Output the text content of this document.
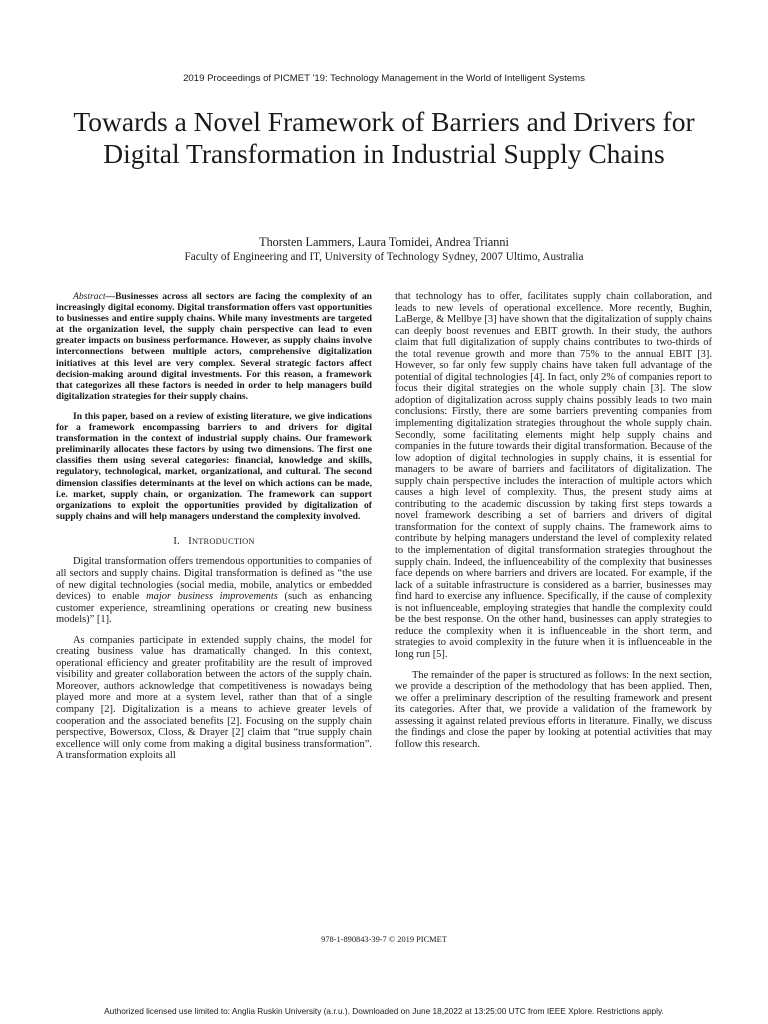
2019 Proceedings of PICMET '19: Technology Management in the World of Intelligent Systems
Towards a Novel Framework of Barriers and Drivers for Digital Transformation in Industrial Supply Chains
Thorsten Lammers, Laura Tomidei, Andrea Trianni
Faculty of Engineering and IT, University of Technology Sydney, 2007 Ultimo, Australia

Abstract—Businesses across all sectors are facing the complexity of an increasingly digital economy. Digital transformation offers vast opportunities to businesses and entire supply chains. While many investments are targeted at the organization level, the supply chain perspective can lead to even greater impacts on business performance. However, as supply chains involve interconnections between multiple actors, comprehensive digitalization initiatives at this level are very complex. Several strategic factors affect decision-making around digital investments. For this reason, a framework that categorizes all these factors is needed in order to help managers build digitalization strategies for their supply chains.

In this paper, based on a review of existing literature, we give indications for a framework encompassing barriers to and drivers for digital transformation in the context of industrial supply chains. Our framework preliminarily allocates these factors by using two dimensions. The first one classifies them using several categories: financial, knowledge and skills, regulatory, technological, market, organizational, and cultural. The second dimension classifies determinants at the level on which actions can be made, i.e. market, supply chain, or organization. The framework can support organizations to exploit the opportunities provided by digitalization of supply chains and will help managers understand the complexity involved.

I. INTRODUCTION

Digital transformation offers tremendous opportunities to companies of all sectors and supply chains. Digital transformation is defined as “the use of new digital technologies (social media, mobile, analytics or embedded devices) to enable major business improvements (such as enhancing customer experience, streamlining operations or creating new business models)” [1].

As companies participate in extended supply chains, the model for creating business value has dramatically changed. In this context, operational efficiency and greater profitability are the result of improved visibility and greater collaboration between the actors of the supply chain. Moreover, authors acknowledge that competitiveness is nowadays being played more and more at a system level, rather than that of a single company [2]. Digitalization is a means to achieve greater levels of cooperation and the associated benefits [2]. Focusing on the supply chain perspective, Bowersox, Closs, & Drayer [2] claim that “true supply chain excellence will only come from making a digital business transformation”. A transformation exploits all

that technology has to offer, facilitates supply chain collaboration, and leads to new levels of operational excellence. More recently, Bughin, LaBerge, & Mellbye [3] have shown that the digitalization of supply chains can deeply boost revenues and EBIT growth. In their study, the authors claim that full digitalization of supply chains contributes to two-thirds of the total revenue growth and more than 75% to the annual EBIT [3]. However, so far only few supply chains have taken full advantage of the potential of digital technologies [4]. In fact, only 2% of companies report to focus their digital strategies on the whole supply chain [3]. The slow adoption of digitalization across supply chains possibly leads to two main conclusions: Firstly, there are some barriers preventing companies from implementing digitalization strategies throughout the whole supply chain. Secondly, some facilitating elements might help supply chains and companies in the future towards their digital transformation. Because of the low adoption of digital technologies in supply chains, it is essential for managers to be aware of barriers and facilitators of digitalization. The supply chain perspective includes the interaction of multiple actors which causes a high level of complexity. Thus, the present study aims at contributing to the academic discussion by taking first steps towards a novel framework describing a set of barriers and drivers of digital transformation for the context of supply chains. The framework aims to contribute by helping managers understand the level of complexity related to the implementation of digital transformation strategies throughout the supply chain. Indeed, the influenceability of the complexity that businesses face depends on where barriers and drivers are located. For example, if the lack of a suitable infrastructure is considered as a barrier, businesses may find hard to exercise any influence. Specifically, if the cause of complexity is not influenceable, employing strategies that handle the complexity could be the best response. On the other hand, businesses can apply strategies to reduce the complexity when it is influenceable in the short term, and strategies to avoid complexity in the future when it is influenceable in the long run [5].

The remainder of the paper is structured as follows: In the next section, we provide a description of the methodology that has been applied. Then, we offer a preliminary description of the resulting framework and present its categories. After that, we provide a validation of the framework by assessing it against related previous efforts in literature. Finally, we discuss the findings and close the paper by looking at potential activities that may follow this research.

978-1-890843-39-7 © 2019 PICMET
Authorized licensed use limited to: Anglia Ruskin University (a.r.u.). Downloaded on June 18,2022 at 13:25:00 UTC from IEEE Xplore. Restrictions apply.
